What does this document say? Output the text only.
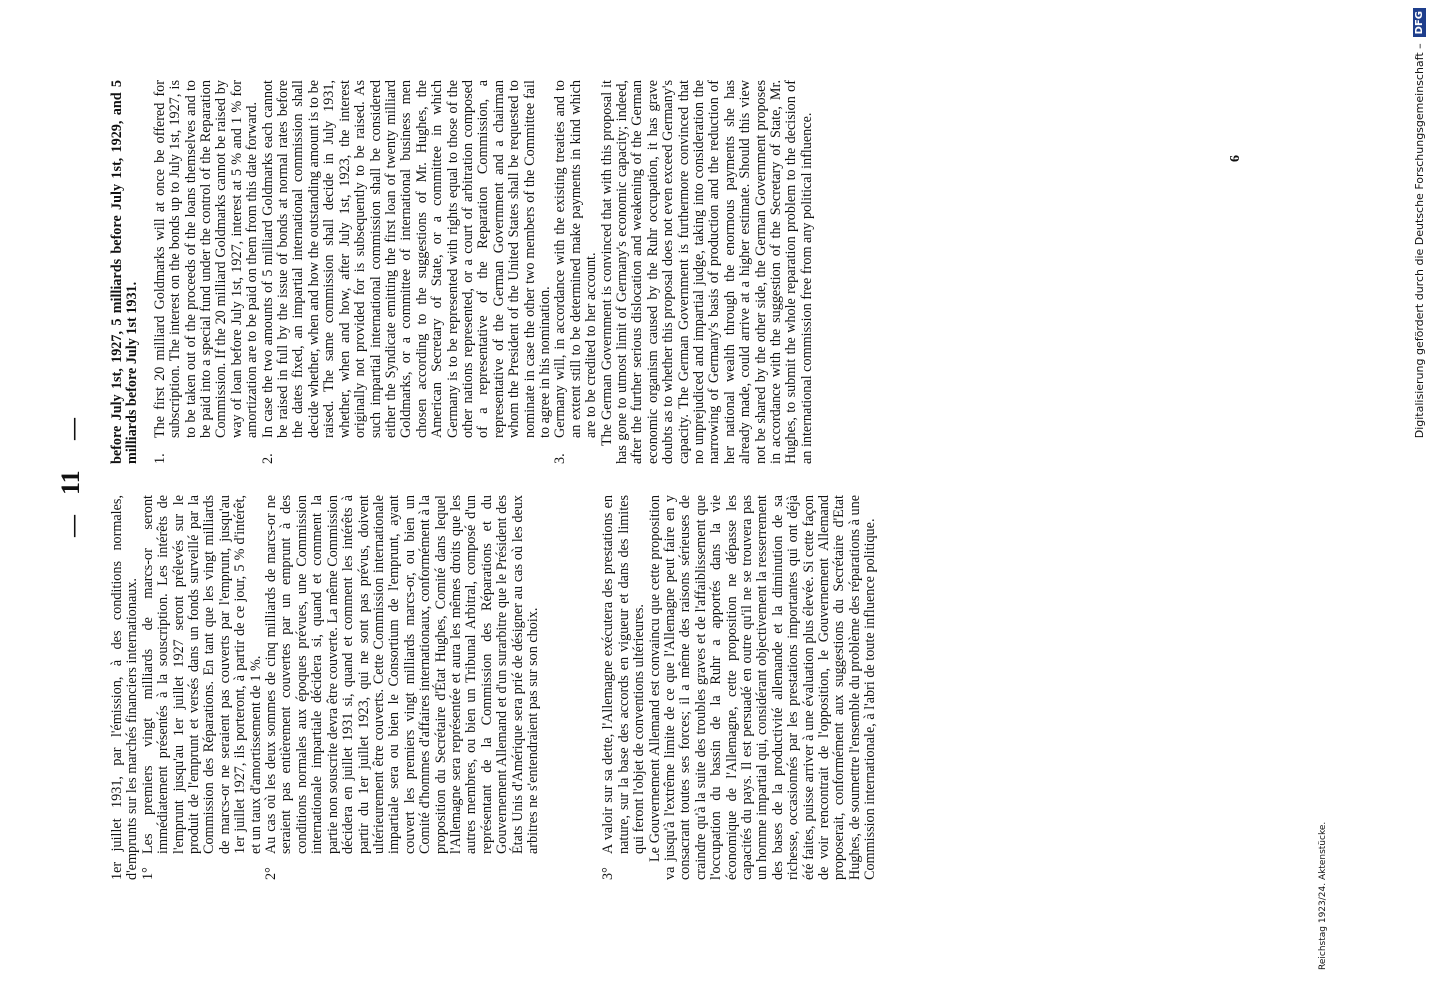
—
11
—

1er juillet 1931, par l'émission, à des conditions normales, d'emprunts sur les marchés financiers internationaux. 1°
Les premiers vingt milliards de marcs-or seront immédiatement présentés à la souscription. Les intérêts de l'emprunt jusqu'au 1er juillet 1927 seront prélevés sur le produit de l'emprunt et versés dans un fonds surveillé par la Commission des Réparations. En tant que les vingt milliards de marcs-or ne seraient pas couverts par l'emprunt, jusqu'au 1er juillet 1927, ils porteront, à partir de ce jour, 5 % d'intérêt, et un taux d'amortissement de 1 %.
2°
Au cas où les deux sommes de cinq milliards de marcs-or ne seraient pas entièrement couvertes par un emprunt à des conditions normales aux époques prévues, une Commission internationale impartiale décidera si, quand et comment la partie non souscrite devra être couverte. La même Commission décidera en juillet 1931 si, quand et comment les intérêts à partir du 1er juillet 1923, qui ne sont pas prévus, doivent ultérieurement être couverts. Cette Commission internationale impartiale sera ou bien le Consortium de l'emprunt, ayant couvert les premiers vingt milliards marcs-or, ou bien un Comité d'hommes d'affaires internationaux, conformément à la proposition du Secrétaire d'État Hughes, Comité dans lequel l'Allemagne sera représentée et aura les mêmes droits que les autres membres, ou bien un Tribunal Arbitral, composé d'un représentant de la Commission des Réparations et du Gouvernement Allemand et d'un surarbitre que le Président des États Unis d'Amérique sera prié de désigner au cas où les deux arbitres ne s'entendraient pas sur son choix.
3°
A valoir sur sa dette, l'Allemagne exécutera des prestations en nature, sur la base des accords en vigueur et dans des limites qui feront l'objet de conventions ultérieures. Le Gouvernement Allemand est convaincu que cette proposition va jusqu'à l'extrême limite de ce que l'Allemagne peut faire en y consacrant toutes ses forces; il a même des raisons sérieuses de craindre qu'à la suite des troubles graves et de l'affaiblissement que l'occupation du bassin de la Ruhr a apportés dans la vie économique de l'Allemagne, cette proposition ne dépasse les capacités du pays. Il est persuadé en outre qu'il ne se trouvera pas un homme impartial qui, considérant objectivement la resserrement des bases de la productivité allemande et la diminution de sa richesse, occasionnés par les prestations importantes qui ont déjà été faites, puisse arriver à une évaluation plus élevée. Si cette façon de voir rencontrait de l'opposition, le Gouvernement Allemand proposerait, conformément aux suggestions du Secrétaire d'Etat Hughes, de soumettre l'ensemble du problème des réparations à une Commission internationale, à l'abri de toute influence politique.

before July 1st, 1927, 5 milliards before July 1st, 1929, and 5 milliards before July 1st 1931. 1.
The first 20 milliard Goldmarks will at once be offered for subscription. The interest on the bonds up to July 1st, 1927, is to be taken out of the proceeds of the loans themselves and to be paid into a special fund under the control of the Reparation Commission. If the 20 milliard Goldmarks cannot be raised by way of loan before July 1st, 1927, interest at 5 % and 1 % for amortization are to be paid on them from this date forward.
2.
In case the two amounts of 5 milliard Goldmarks each cannot be raised in full by the issue of bonds at normal rates before the dates fixed, an impartial international commission shall decide whether, when and how the outstanding amount is to be raised. The same commission shall decide in July 1931, whether, when and how, after July 1st, 1923, the interest originally not provided for is subsequently to be raised. As such impartial international commission shall be considered either the Syndicate emitting the first loan of twenty milliard Goldmarks, or a committee of international business men chosen according to the suggestions of Mr. Hughes, the American Secretary of State, or a committee in which Germany is to be represented with rights equal to those of the other nations represented, or a court of arbitration composed of a representative of the Reparation Commission, a representative of the German Government and a chairman whom the President of the United States shall be requested to nominate in case the other two members of the Committee fail to agree in his nomination.
3.
Germany will, in accordance with the existing treaties and to an extent still to be determined make payments in kind which are to be credited to her account. The German Government is convinced that with this proposal it has gone to utmost limit of Germany's economic capacity; indeed, after the further serious dislocation and weakening of the German economic organism caused by the Ruhr occupation, it has grave doubts as to whether this proposal does not even exceed Germany's capacity. The German Government is furthermore convinced that no unprejudiced and impartial judge, taking into consideration the narrowing of Germany's basis of production and the reduction of her national wealth through the enormous payments she has already made, could arrive at a higher estimate. Should this view not be shared by the other side, the German Government proposes in accordance with the suggestion of the Secretary of State, Mr. Hughes, to submit the whole reparation problem to the decision of an international commission free from any political influence.	6
Reichstag 1923/24. Aktenstücke.
Digitalisierung gefördert durch die Deutsche Forschungsgemeinschaft –
DFG
